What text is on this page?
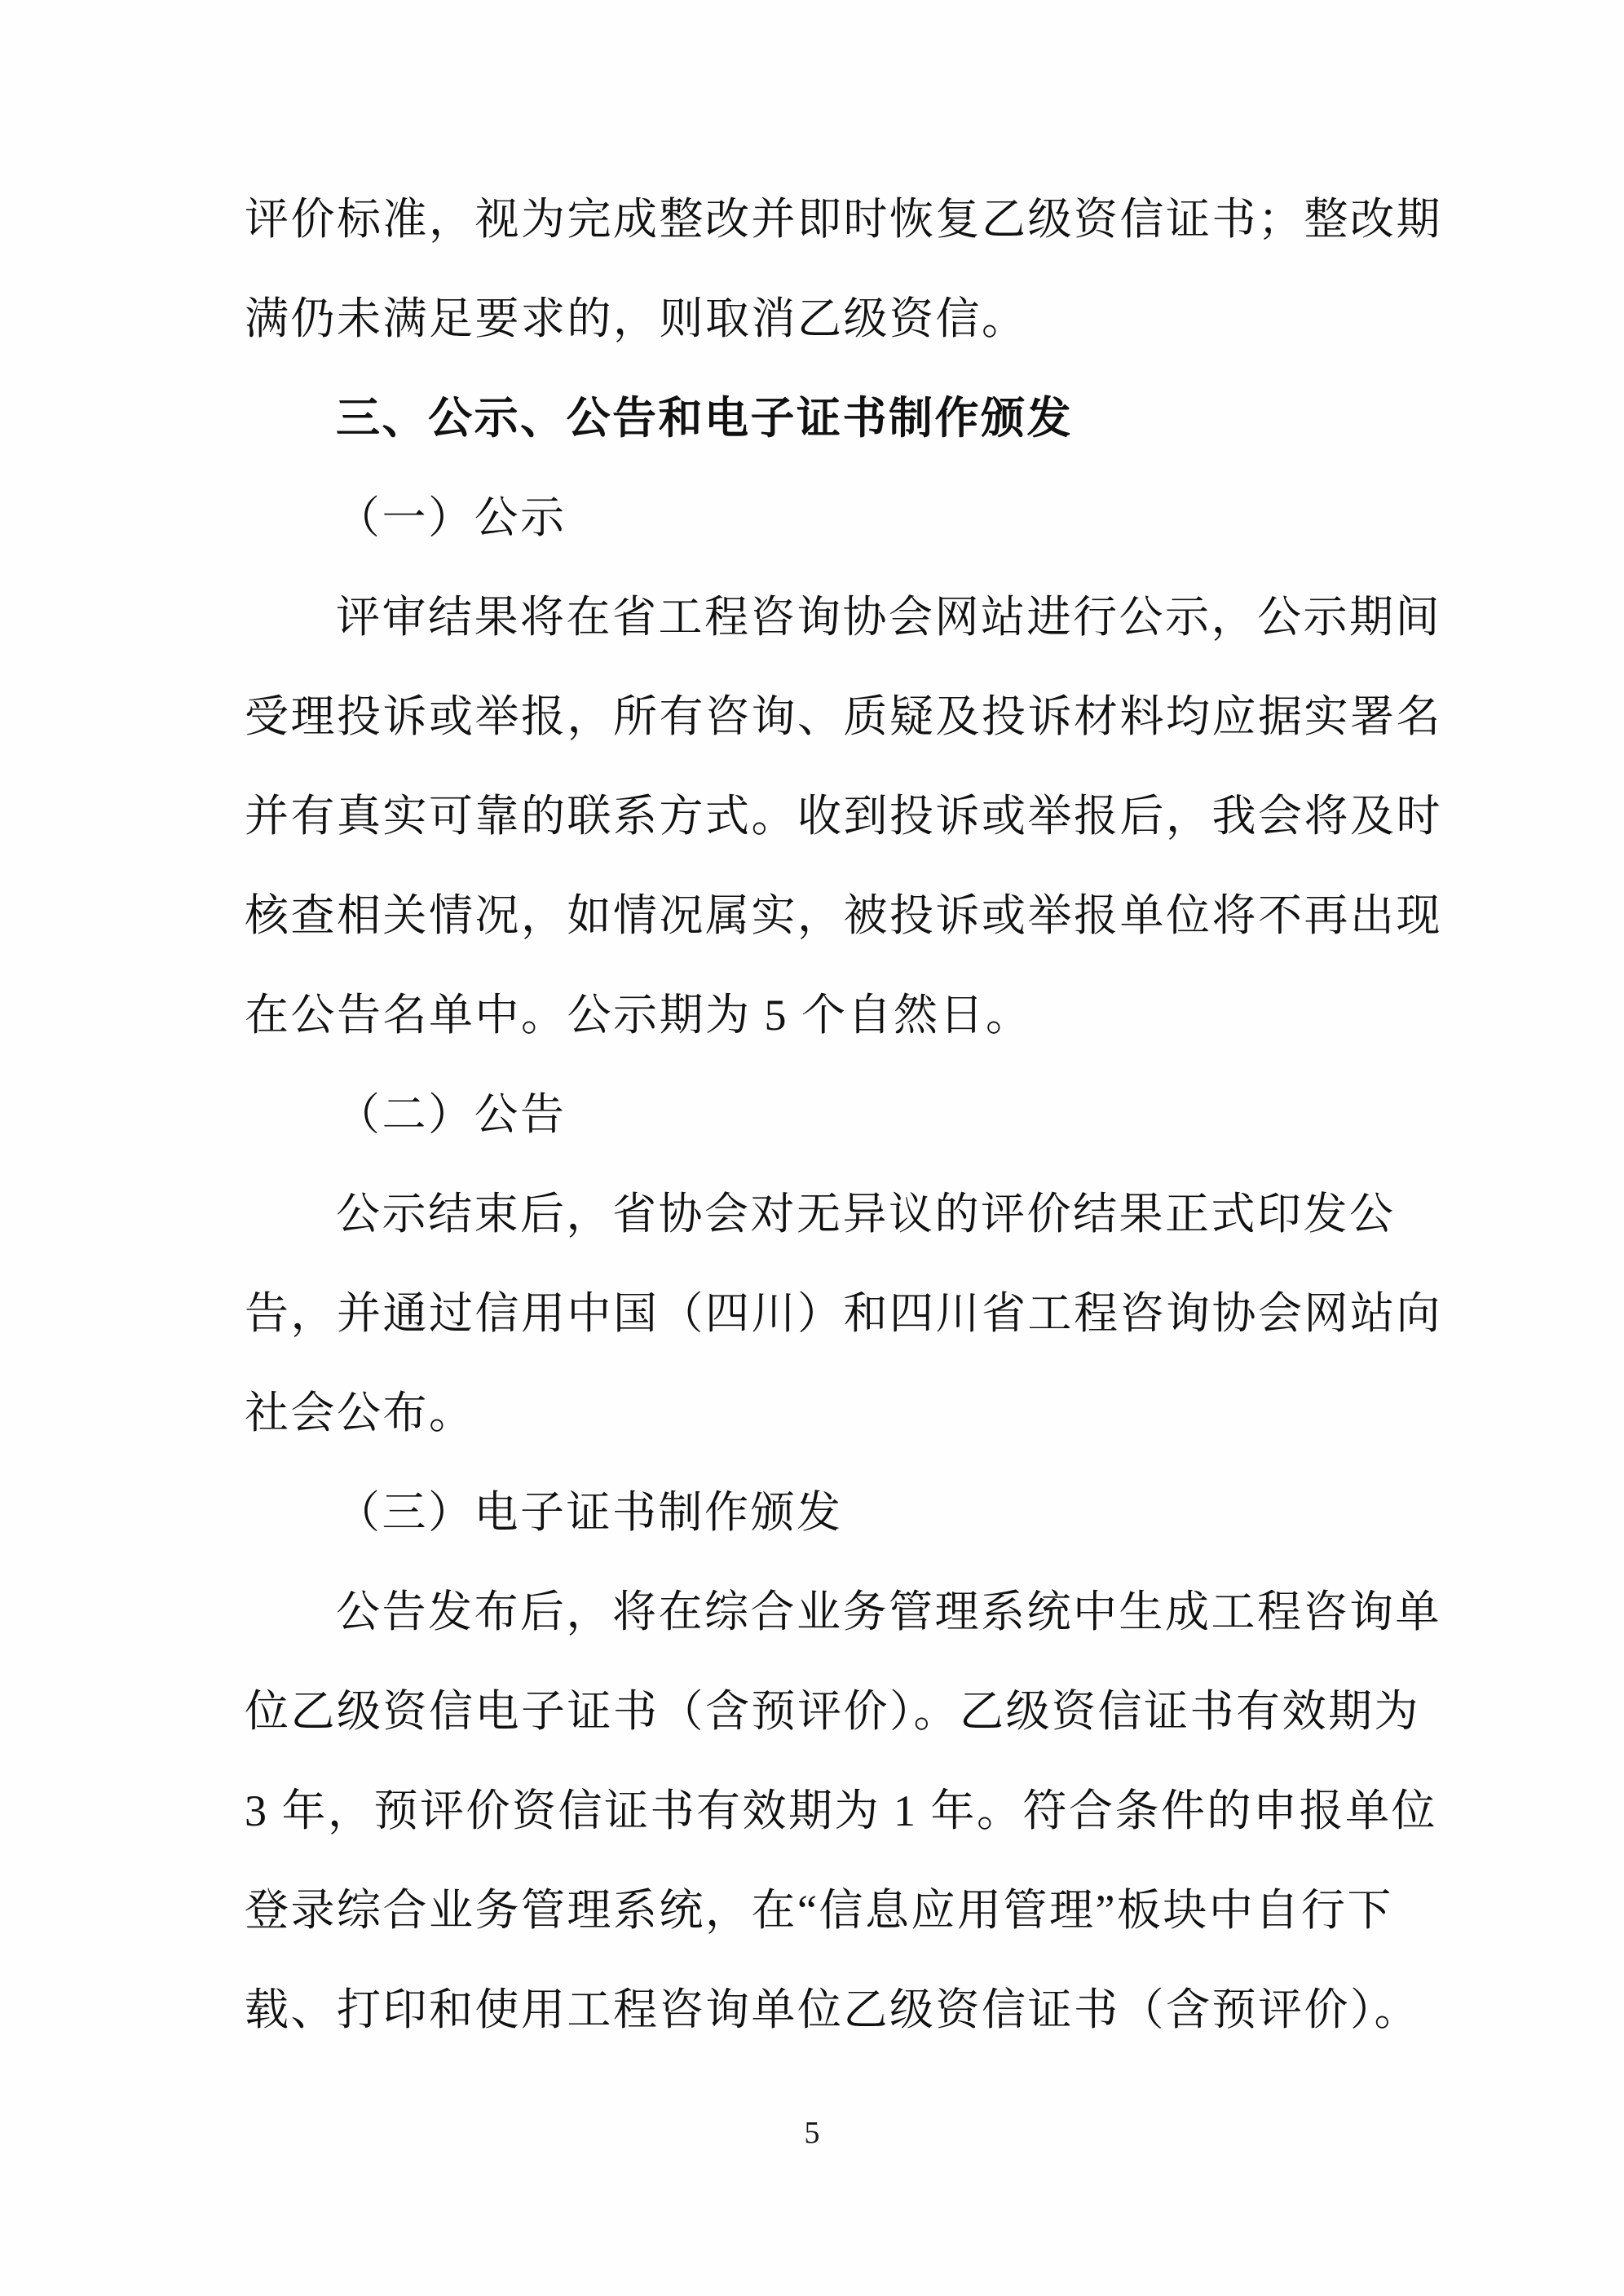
评价标准，视为完成整改并即时恢复乙级资信证书；整改期
满仍未满足要求的，则取消乙级资信。
三、公示、公告和电子证书制作颁发
（一）公示
评审结果将在省工程咨询协会网站进行公示，公示期间
受理投诉或举报，所有咨询、质疑及投诉材料均应据实署名
并有真实可靠的联系方式。收到投诉或举报后，我会将及时
核查相关情况，如情况属实，被投诉或举报单位将不再出现
在公告名单中。公示期为 5 个自然日。
（二）公告
公示结束后，省协会对无异议的评价结果正式印发公
告，并通过信用中国（四川）和四川省工程咨询协会网站向
社会公布。
（三）电子证书制作颁发
公告发布后，将在综合业务管理系统中生成工程咨询单
位乙级资信电子证书（含预评价）。乙级资信证书有效期为
3 年，预评价资信证书有效期为 1 年。符合条件的申报单位
登录综合业务管理系统，在“信息应用管理”板块中自行下
载、打印和使用工程咨询单位乙级资信证书（含预评价）。
5
